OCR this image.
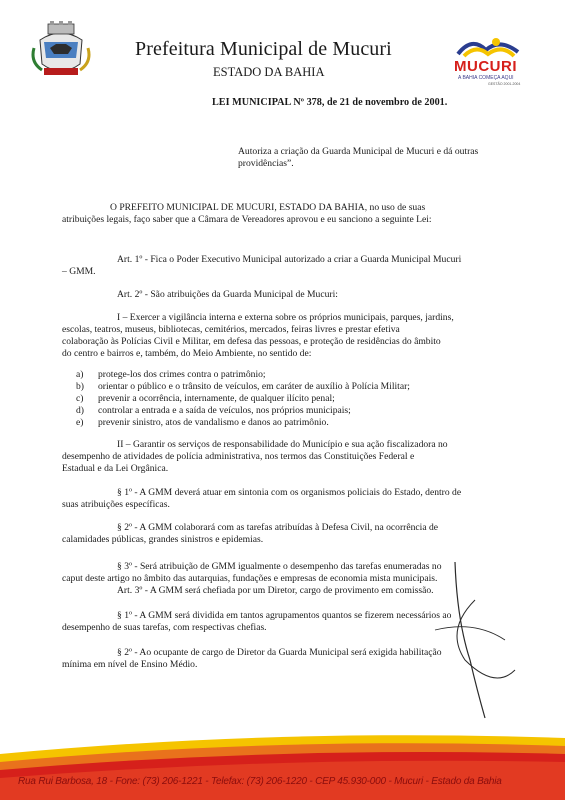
Prefeitura Municipal de Mucuri
ESTADO DA BAHIA	MUCURI
A BAHIA COMEÇA AQUI
GESTÃO 2001-2004
LEI MUNICIPAL Nº 378, de 21 de novembro de 2001.
Autoriza a criação da Guarda Municipal de Mucuri e dá outras
providências”.
O PREFEITO MUNICIPAL DE MUCURI, ESTADO DA BAHIA, no uso de suas
atribuições legais, faço saber que a Câmara de Vereadores aprovou e eu sanciono a seguinte Lei:
Art. 1º - Fica o Poder Executivo Municipal autorizado a criar a Guarda Municipal Mucuri
– GMM.
Art. 2º - São atribuições da Guarda Municipal de Mucuri:
I – Exercer a vigilância interna e externa sobre os próprios municipais, parques, jardins,
escolas, teatros, museus, bibliotecas, cemitérios, mercados, feiras livres e prestar efetiva
colaboração às Polícias Civil e Militar, em defesa das pessoas, e proteção de residências do âmbito
do centro e bairros e, também, do Meio Ambiente, no sentido de:
a) protege-los dos crimes contra o patrimônio;
b) orientar o público e o trânsito de veículos, em caráter de auxílio à Polícia Militar;
c) prevenir a ocorrência, internamente, de qualquer ilícito penal;
d) controlar a entrada e a saída de veículos, nos próprios municipais;
e) prevenir sinistro, atos de vandalismo e danos ao patrimônio.
II – Garantir os serviços de responsabilidade do Município e sua ação fiscalizadora no
desempenho de atividades de polícia administrativa, nos termos das Constituições Federal e
Estadual e da Lei Orgânica.
§ 1º - A GMM deverá atuar em sintonia com os organismos policiais do Estado, dentro de
suas atribuições específicas.
§ 2º - A GMM colaborará com as tarefas atribuídas à Defesa Civil, na ocorrência de
calamidades públicas, grandes sinistros e epidemias.
§ 3º - Será atribuição de GMM igualmente o desempenho das tarefas enumeradas no
caput deste artigo no âmbito das autarquias, fundações e empresas de economia mista municipais.
Art. 3º - A GMM será chefiada por um Diretor, cargo de provimento em comissão.
§ 1º - A GMM será dividida em tantos agrupamentos quantos se fizerem necessários ao
desempenho de suas tarefas, com respectivas chefias.
§ 2º - Ao ocupante de cargo de Diretor da Guarda Municipal será exigida habilitação
mínima em nível de Ensino Médio.
Rua Rui Barbosa, 18 - Fone: (73) 206-1221 - Telefax: (73) 206-1220 - CEP 45.930-000 - Mucuri - Estado da Bahia
